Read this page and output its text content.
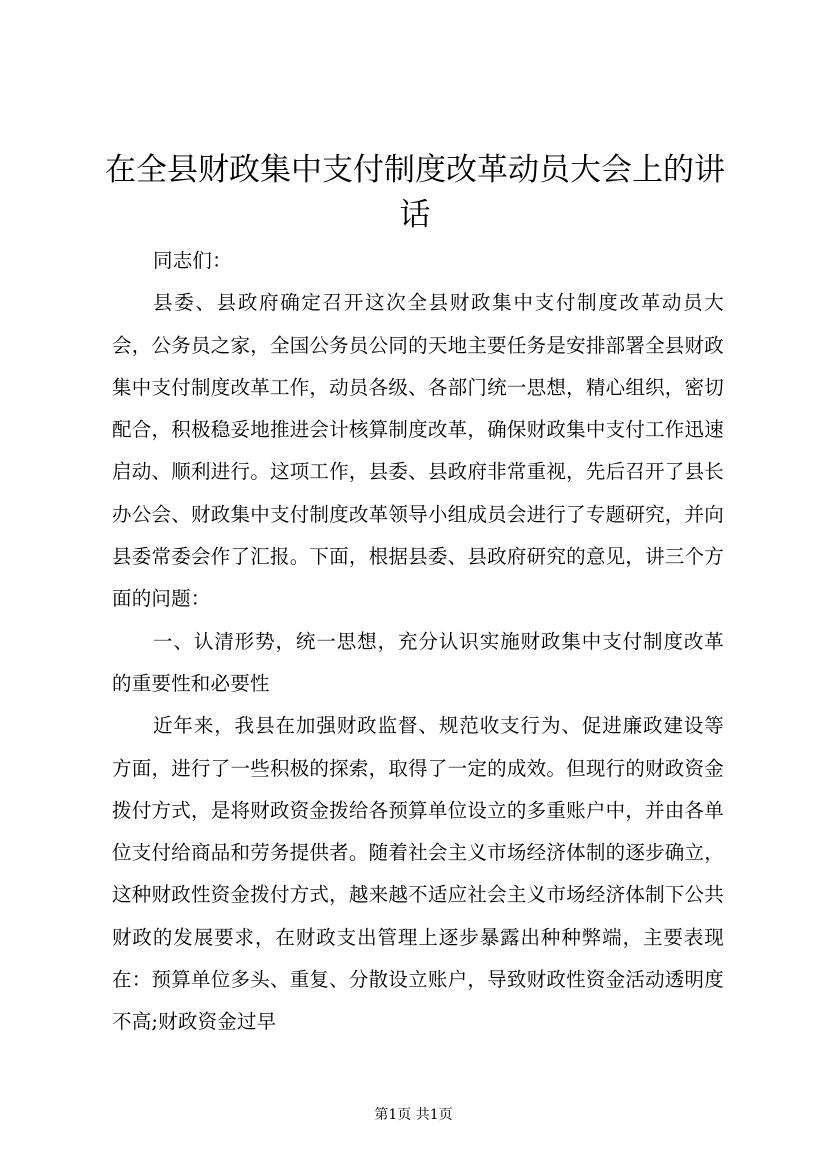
在全县财政集中支付制度改革动员大会上的讲话

同志们：

县委、县政府确定召开这次全县财政集中支付制度改革动员大会，公务员之家，全国公务员公同的天地主要任务是安排部署全县财政集中支付制度改革工作，动员各级、各部门统一思想，精心组织，密切配合，积极稳妥地推进会计核算制度改革，确保财政集中支付工作迅速启动、顺利进行。这项工作，县委、县政府非常重视，先后召开了县长办公会、财政集中支付制度改革领导小组成员会进行了专题研究，并向县委常委会作了汇报。下面，根据县委、县政府研究的意见，讲三个方面的问题：

一、认清形势，统一思想，充分认识实施财政集中支付制度改革的重要性和必要性

近年来，我县在加强财政监督、规范收支行为、促进廉政建设等方面，进行了一些积极的探索，取得了一定的成效。但现行的财政资金拨付方式，是将财政资金拨给各预算单位设立的多重账户中，并由各单位支付给商品和劳务提供者。随着社会主义市场经济体制的逐步确立，这种财政性资金拨付方式，越来越不适应社会主义市场经济体制下公共财政的发展要求，在财政支出管理上逐步暴露出种种弊端，主要表现在：预算单位多头、重复、分散设立账户，导致财政性资金活动透明度不高;财政资金过早

第1页 共1页
